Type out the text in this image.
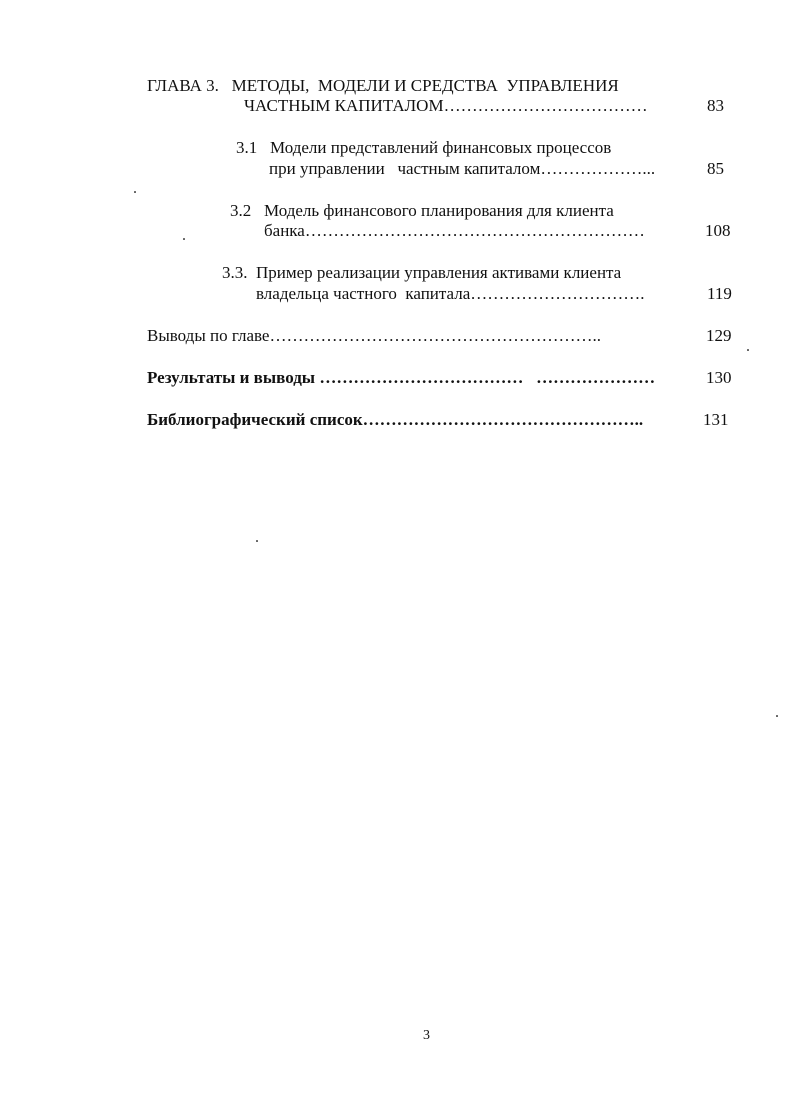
ГЛАВА 3.   МЕТОДЫ,  МОДЕЛИ И СРЕДСТВА  УПРАВЛЕНИЯ
ЧАСТНЫМ КАПИТАЛОМ………………………………	83
3.1   Модели представлений финансовых процессов
при управлении   частным капиталом………………...	85
3.2   Модель финансового планирования для клиента
банка……………………………………………………	108
3.3.  Пример реализации управления активами клиента
владельца частного  капитала………………………….	119
Выводы по главе…………………………………………………..	129
Результаты и выводы ………………………………   …………………	130
Библиографический список…………………………………………..	131
3
